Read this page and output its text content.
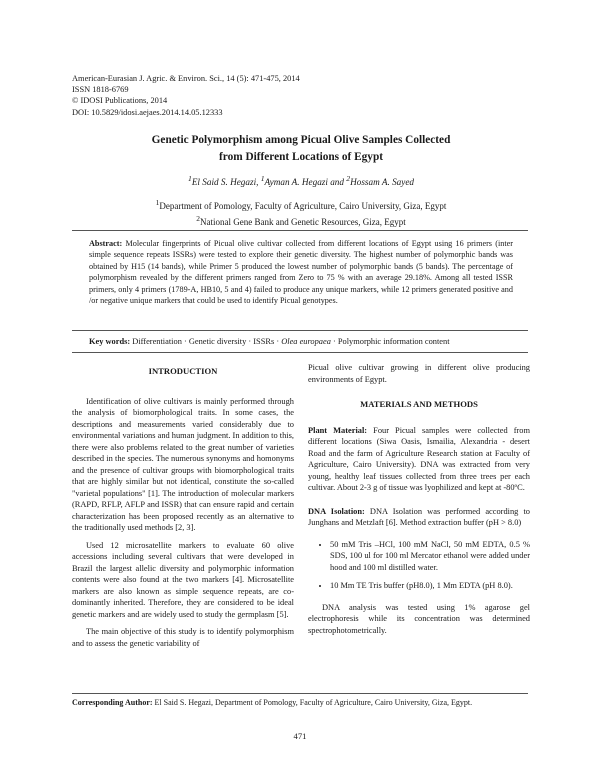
American-Eurasian J. Agric. & Environ. Sci., 14 (5): 471-475, 2014
ISSN 1818-6769
© IDOSI Publications, 2014
DOI: 10.5829/idosi.aejaes.2014.14.05.12333
Genetic Polymorphism among Picual Olive Samples Collected
from Different Locations of Egypt
$^1$El Said S. Hegazi, $^1$Ayman A. Hegazi and $^2$Hossam A. Sayed
$^1$Department of Pomology, Faculty of Agriculture, Cairo University, Giza, Egypt
$^2$National Gene Bank and Genetic Resources, Giza, Egypt
Abstract: Molecular fingerprints of Picual olive cultivar collected from different locations of Egypt using 16 primers (inter simple sequence repeats ISSRs) were tested to explore their genetic diversity. The highest number of polymorphic bands was obtained by H15 (14 bands), while Primer 5 produced the lowest number of polymorphic bands (5 bands). The percentage of polymorphism revealed by the different primers ranged from Zero to 75 % with an average 29.18%. Among all tested ISSR primers, only 4 primers (1789-A, HB10, 5 and 4) failed to produce any unique markers, while 12 primers generated positive and /or negative unique markers that could be used to identify Picual genotypes.
Key words: Differentiation · Genetic diversity · ISSRs · Olea europaea · Polymorphic information content
INTRODUCTION

Identification of olive cultivars is mainly performed through the analysis of biomorphological traits. In some cases, the descriptions and measurements varied considerably due to environmental variations and human judgment. In addition to this, there were also problems related to the great number of varieties described in the species. The numerous synonyms and homonyms and the presence of cultivar groups with biomorphological traits that are highly similar but not identical, constitute the so-called "varietal populations" [1]. The introduction of molecular markers (RAPD, RFLP, AFLP and ISSR) that can ensure rapid and certain characterization has been proposed recently as an alternative to the traditionally used methods [2, 3].

Used 12 microsatellite markers to evaluate 60 olive accessions including several cultivars that were developed in Brazil the largest allelic diversity and polymorphic information contents were also found at the two markers [4]. Microsatellite markers are also known as simple sequence repeats, are co-dominantly inherited. Therefore, they are considered to be ideal genetic markers and are widely used to study the germplasm [5].

The main objective of this study is to identify polymorphism and to assess the genetic variability of

Picual olive cultivar growing in different olive producing environments of Egypt.

MATERIALS AND METHODS

Plant Material: Four Picual samples were collected from different locations (Siwa Oasis, Ismailia, Alexandria - desert Road and the farm of Agriculture Research station at Faculty of Agriculture, Cairo University). DNA was extracted from very young, healthy leaf tissues collected from three trees per each cultivar. About 2-3 g of tissue was lyophilized and kept at -80ºC.

DNA Isolation: DNA Isolation was performed according to Junghans and Metzlaft [6]. Method extraction buffer (pH > 8.0)

• 50 mM Tris –HCl, 100 mM NaCl, 50 mM EDTA, 0.5 % SDS, 100 ul for 100 ml Mercator ethanol were added under hood and 100 ml distilled water.
• 10 Mm TE Tris buffer (pH8.0), 1 Mm EDTA (pH 8.0).

DNA analysis was tested using 1% agarose gel electrophoresis while its concentration was determined spectrophotometrically.

Corresponding Author: El Said S. Hegazi, Department of Pomology, Faculty of Agriculture, Cairo University, Giza, Egypt.
471
